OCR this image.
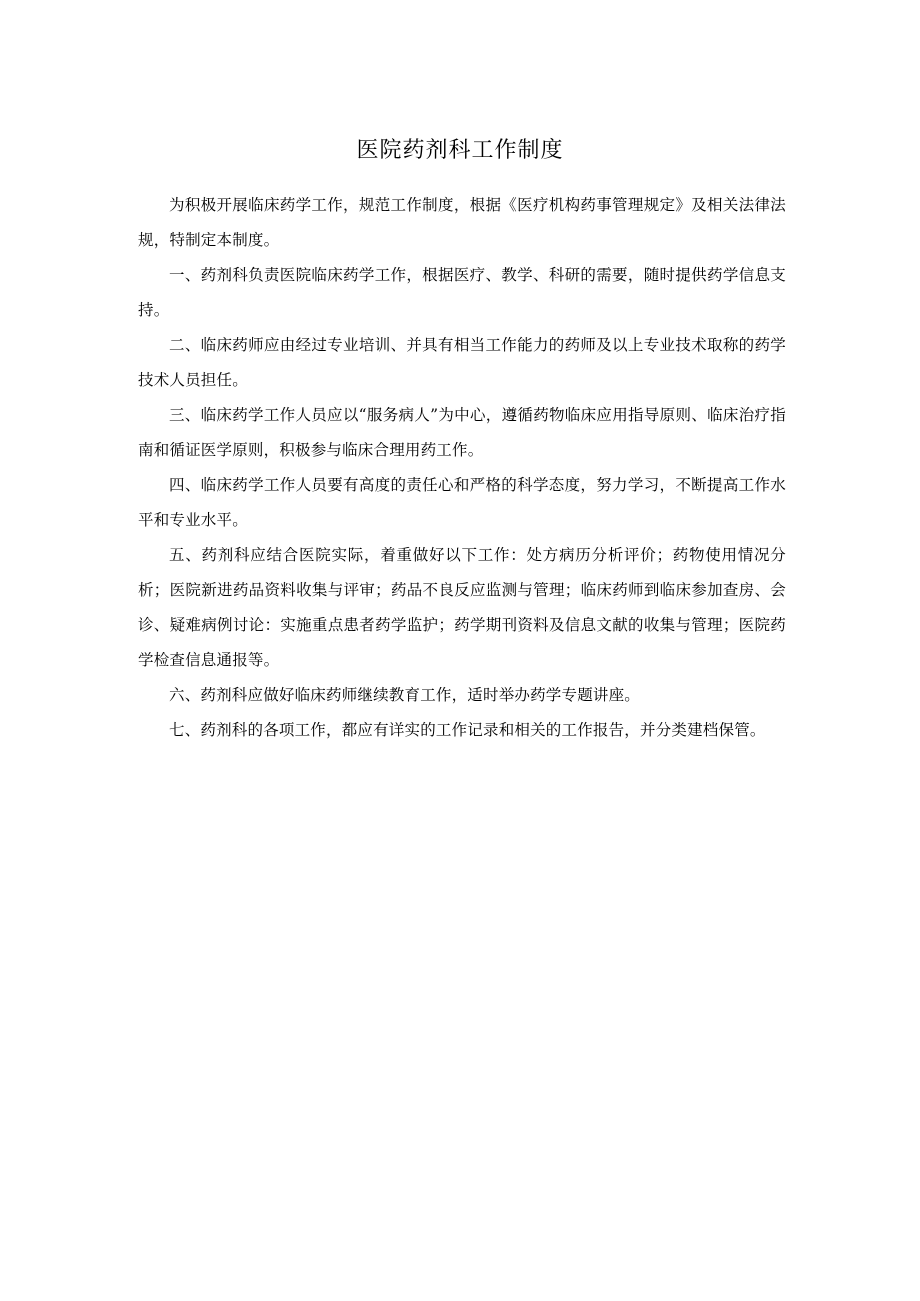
医院药剂科工作制度

为积极开展临床药学工作，规范工作制度，根据《医疗机构药事管理规定》及相关法律法规，特制定本制度。

一、药剂科负责医院临床药学工作，根据医疗、教学、科研的需要，随时提供药学信息支持。

二、临床药师应由经过专业培训、并具有相当工作能力的药师及以上专业技术取称的药学技术人员担任。

三、临床药学工作人员应以“服务病人”为中心，遵循药物临床应用指导原则、临床治疗指南和循证医学原则，积极参与临床合理用药工作。

四、临床药学工作人员要有高度的责任心和严格的科学态度，努力学习，不断提高工作水平和专业水平。

五、药剂科应结合医院实际，着重做好以下工作：处方病历分析评价；药物使用情况分析；医院新进药品资料收集与评审；药品不良反应监测与管理；临床药师到临床参加查房、会诊、疑难病例讨论：实施重点患者药学监护；药学期刊资料及信息文献的收集与管理；医院药学检查信息通报等。

六、药剂科应做好临床药师继续教育工作，适时举办药学专题讲座。

七、药剂科的各项工作，都应有详实的工作记录和相关的工作报告，并分类建档保管。
